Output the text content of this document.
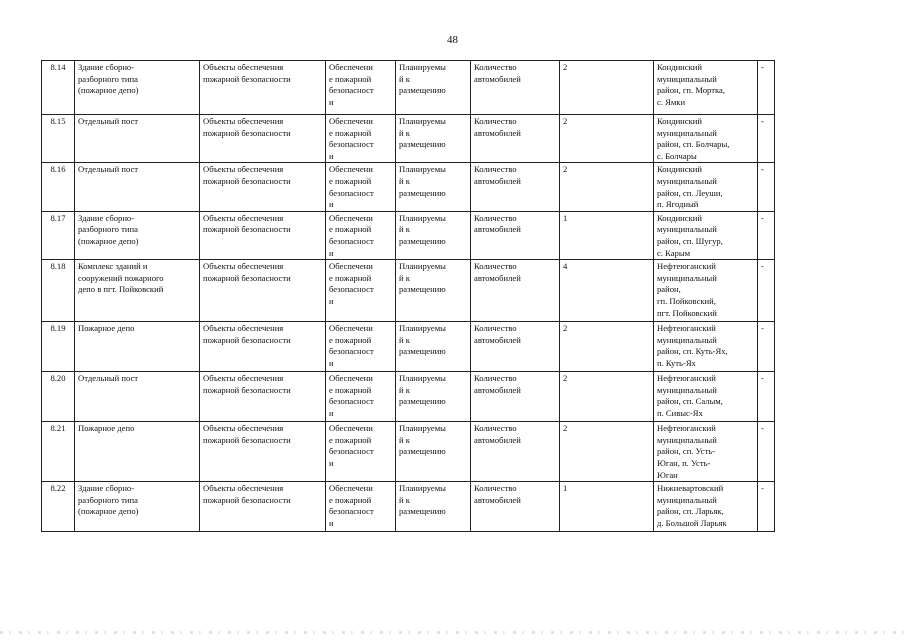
48
8.14	Здание сборно-
разборного типа
(пожарное депо)	Объекты обеспечения
пожарной безопасности	Обеспечени
е пожарной
безопасност
и	Планируемы
й к
размещению	Количество
автомобилей	2	Кондинский
муниципальный
район, гп. Мортка,
с. Ямки	-
8.15	Отдельный пост	Объекты обеспечения
пожарной безопасности	Обеспечени
е пожарной
безопасност
и	Планируемы
й к
размещению	Количество
автомобилей	2	Кондинский
муниципальный
район, сп. Болчары,
с. Болчары	-
8.16	Отдельный пост	Объекты обеспечения
пожарной безопасности	Обеспечени
е пожарной
безопасност
и	Планируемы
й к
размещению	Количество
автомобилей	2	Кондинский
муниципальный
район, сп. Леуши,
п. Ягодный	-
8.17	Здание сборно-
разборного типа
(пожарное депо)	Объекты обеспечения
пожарной безопасности	Обеспечени
е пожарной
безопасност
и	Планируемы
й к
размещению	Количество
автомобилей	1	Кондинский
муниципальный
район, сп. Шугур,
с. Карым	-
8.18	Комплекс зданий и
сооружений пожарного
депо в пгт. Пойковский	Объекты обеспечения
пожарной безопасности	Обеспечени
е пожарной
безопасност
и	Планируемы
й к
размещению	Количество
автомобилей	4	Нефтеюганский
муниципальный
район,
гп. Пойковский,
пгт. Пойковский	-
8.19	Пожарное депо	Объекты обеспечения
пожарной безопасности	Обеспечени
е пожарной
безопасност
и	Планируемы
й к
размещению	Количество
автомобилей	2	Нефтеюганский
муниципальный
район, сп. Куть-Ях,
п. Куть-Ях	-
8.20	Отдельный пост	Объекты обеспечения
пожарной безопасности	Обеспечени
е пожарной
безопасност
и	Планируемы
й к
размещению	Количество
автомобилей	2	Нефтеюганский
муниципальный
район, сп. Салым,
п. Сивыс-Ях	-
8.21	Пожарное депо	Объекты обеспечения
пожарной безопасности	Обеспечени
е пожарной
безопасност
и	Планируемы
й к
размещению	Количество
автомобилей	2	Нефтеюганский
муниципальный
район, сп. Усть-
Юган, п. Усть-
Юган	-
8.22	Здание сборно-
разборного типа
(пожарное депо)	Объекты обеспечения
пожарной безопасности	Обеспечени
е пожарной
безопасност
и	Планируемы
й к
размещению	Количество
автомобилей	1	Нижневартовский
муниципальный
район, сп. Ларьяк,
д. Большой Ларьяк	-
